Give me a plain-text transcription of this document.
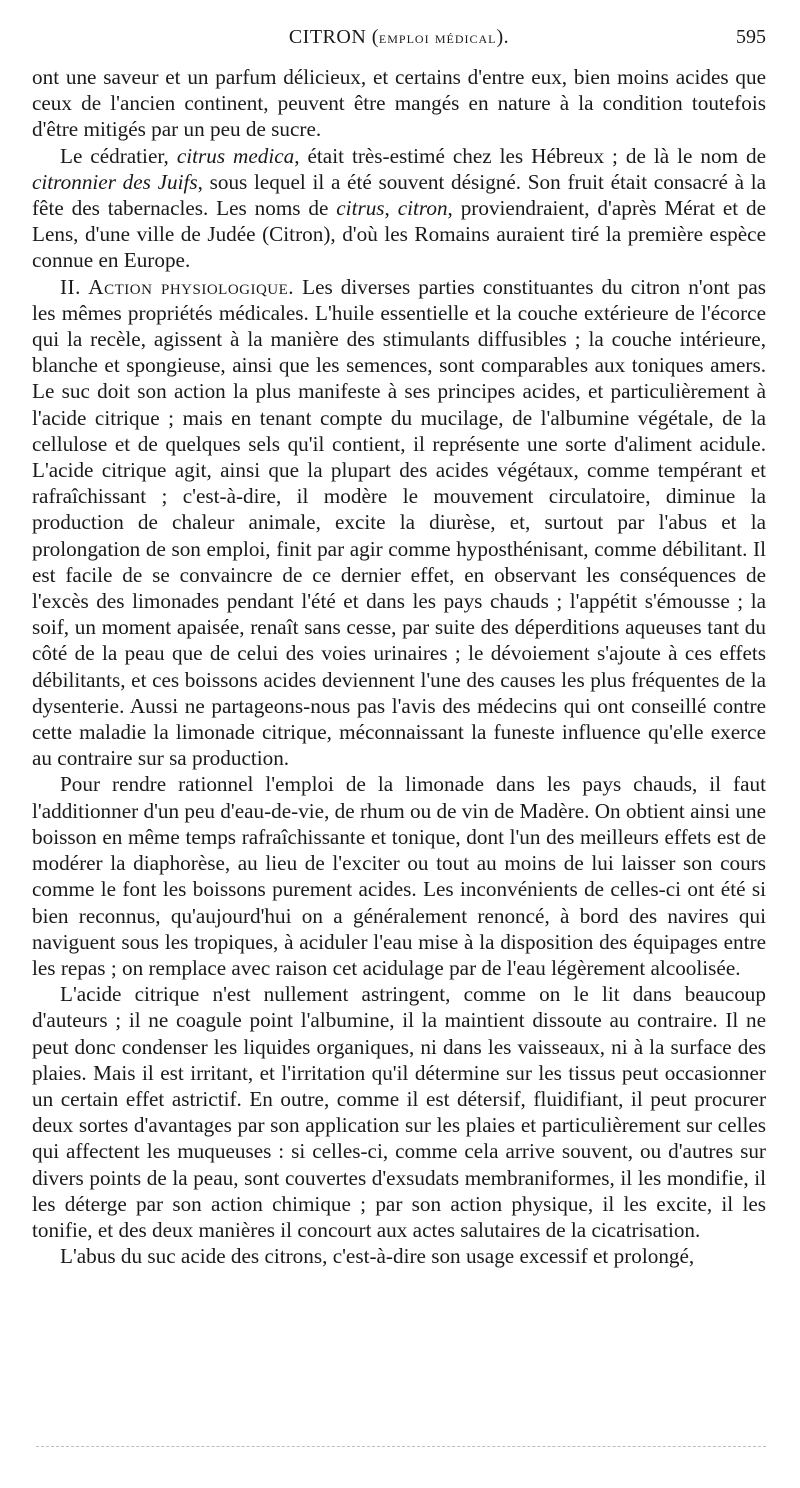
CITRON (emploi médical).	595

ont une saveur et un parfum délicieux, et certains d'entre eux, bien moins acides que ceux de l'ancien continent, peuvent être mangés en nature à la condition toutefois d'être mitigés par un peu de sucre.

Le cédratier, citrus medica, était très-estimé chez les Hébreux ; de là le nom de citronnier des Juifs, sous lequel il a été souvent désigné. Son fruit était consacré à la fête des tabernacles. Les noms de citrus, citron, proviendraient, d'après Mérat et de Lens, d'une ville de Judée (Citron), d'où les Romains auraient tiré la première espèce connue en Europe.

II. Action physiologique. Les diverses parties constituantes du citron n'ont pas les mêmes propriétés médicales. L'huile essentielle et la couche extérieure de l'écorce qui la recèle, agissent à la manière des stimulants diffusibles ; la couche intérieure, blanche et spongieuse, ainsi que les semences, sont comparables aux toniques amers. Le suc doit son action la plus manifeste à ses principes acides, et particulièrement à l'acide citrique ; mais en tenant compte du mucilage, de l'albumine végétale, de la cellulose et de quelques sels qu'il contient, il représente une sorte d'aliment acidule. L'acide citrique agit, ainsi que la plupart des acides végétaux, comme tempérant et rafraîchissant ; c'est-à-dire, il modère le mouvement circulatoire, diminue la production de chaleur animale, excite la diurèse, et, surtout par l'abus et la prolongation de son emploi, finit par agir comme hyposthénisant, comme débilitant. Il est facile de se convaincre de ce dernier effet, en observant les conséquences de l'excès des limonades pendant l'été et dans les pays chauds ; l'appétit s'émousse ; la soif, un moment apaisée, renaît sans cesse, par suite des déperditions aqueuses tant du côté de la peau que de celui des voies urinaires ; le dévoiement s'ajoute à ces effets débilitants, et ces boissons acides deviennent l'une des causes les plus fréquentes de la dysenterie. Aussi ne partageons-nous pas l'avis des médecins qui ont conseillé contre cette maladie la limonade citrique, méconnaissant la funeste influence qu'elle exerce au contraire sur sa production.

Pour rendre rationnel l'emploi de la limonade dans les pays chauds, il faut l'additionner d'un peu d'eau-de-vie, de rhum ou de vin de Madère. On obtient ainsi une boisson en même temps rafraîchissante et tonique, dont l'un des meilleurs effets est de modérer la diaphorèse, au lieu de l'exciter ou tout au moins de lui laisser son cours comme le font les boissons purement acides. Les inconvénients de celles-ci ont été si bien reconnus, qu'aujourd'hui on a généralement renoncé, à bord des navires qui naviguent sous les tropiques, à aciduler l'eau mise à la disposition des équipages entre les repas ; on remplace avec raison cet acidulage par de l'eau légèrement alcoolisée.

L'acide citrique n'est nullement astringent, comme on le lit dans beaucoup d'auteurs ; il ne coagule point l'albumine, il la maintient dissoute au contraire. Il ne peut donc condenser les liquides organiques, ni dans les vaisseaux, ni à la surface des plaies. Mais il est irritant, et l'irritation qu'il détermine sur les tissus peut occasionner un certain effet astrictif. En outre, comme il est détersif, fluidifiant, il peut procurer deux sortes d'avantages par son application sur les plaies et particulièrement sur celles qui affectent les muqueuses : si celles-ci, comme cela arrive souvent, ou d'autres sur divers points de la peau, sont couvertes d'exsudats membraniformes, il les mondifie, il les déterge par son action chimique ; par son action physique, il les excite, il les tonifie, et des deux manières il concourt aux actes salutaires de la cicatrisation.

L'abus du suc acide des citrons, c'est-à-dire son usage excessif et prolongé,
